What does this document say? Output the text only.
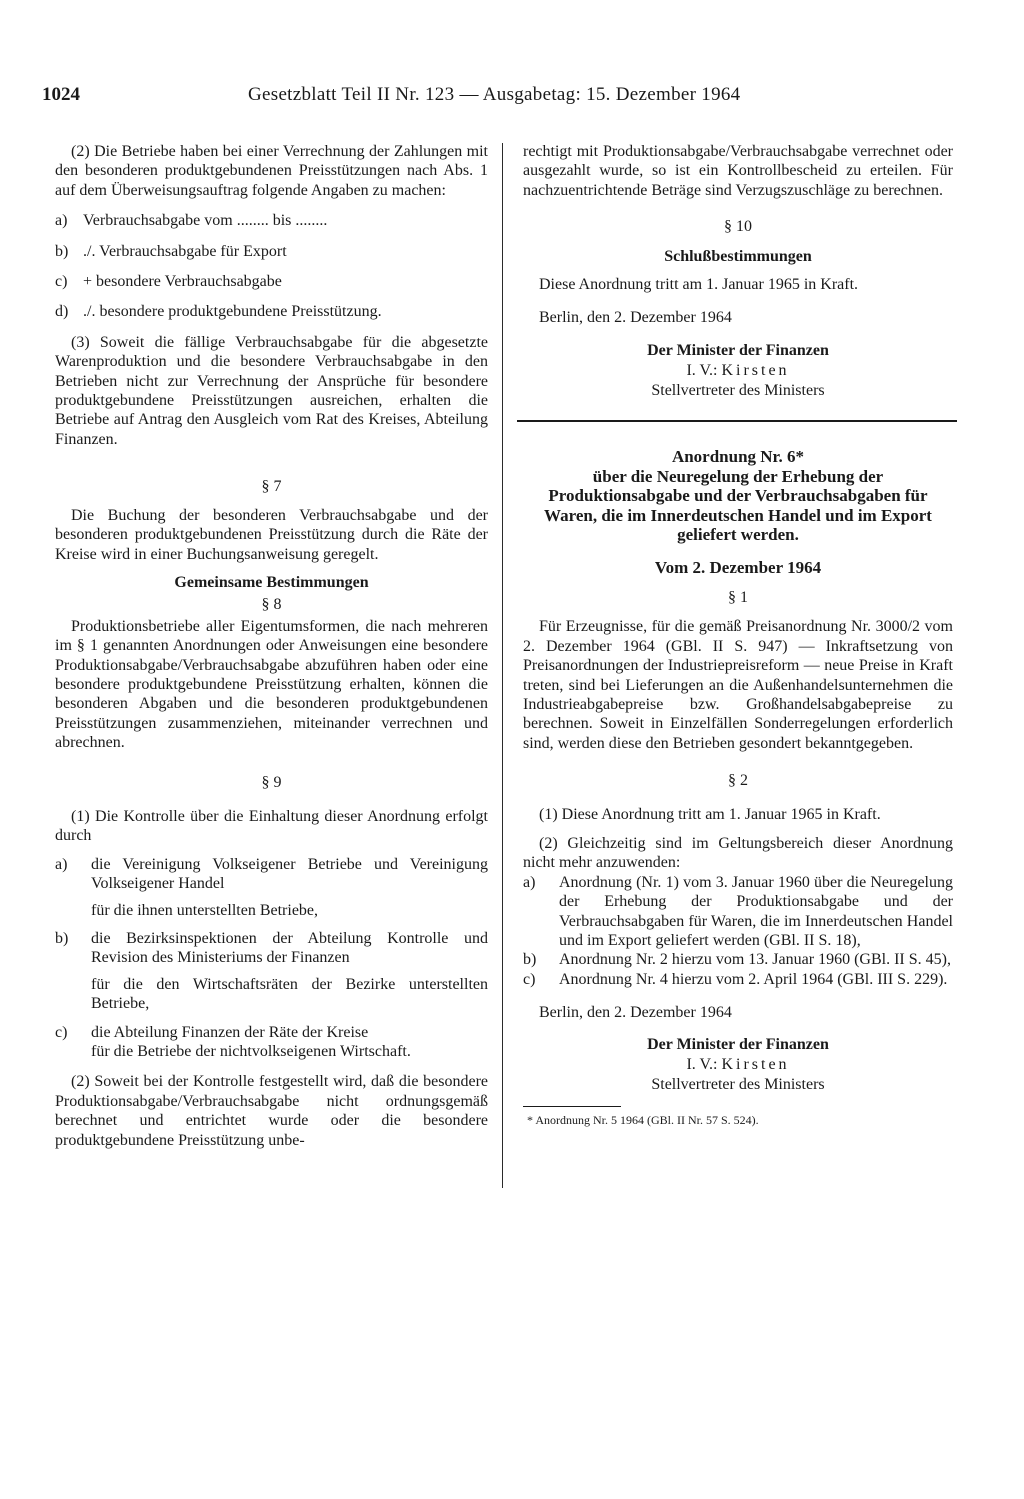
1024	Gesetzblatt Teil II Nr. 123 — Ausgabetag: 15. Dezember 1964

(2) Die Betriebe haben bei einer Verrechnung der Zahlungen mit den besonderen produktgebundenen Preisstützungen nach Abs. 1 auf dem Überweisungsauftrag folgende Angaben zu machen:

a) Verbrauchsabgabe vom ........ bis ........
b) ./. Verbrauchsabgabe für Export
c) + besondere Verbrauchsabgabe
d) ./. besondere produktgebundene Preisstützung.

(3) Soweit die fällige Verbrauchsabgabe für die abgesetzte Warenproduktion und die besondere Verbrauchsabgabe in den Betrieben nicht zur Verrechnung der Ansprüche für besondere produktgebundene Preisstützungen ausreichen, erhalten die Betriebe auf Antrag den Ausgleich vom Rat des Kreises, Abteilung Finanzen.

§ 7

Die Buchung der besonderen Verbrauchsabgabe und der besonderen produktgebundenen Preisstützung durch die Räte der Kreise wird in einer Buchungsanweisung geregelt.

Gemeinsame Bestimmungen

§ 8

Produktionsbetriebe aller Eigentumsformen, die nach mehreren im § 1 genannten Anordnungen oder Anweisungen eine besondere Produktionsabgabe/Verbrauchsabgabe abzuführen haben oder eine besondere produktgebundene Preisstützung erhalten, können die besonderen Abgaben und die besonderen produktgebundenen Preisstützungen zusammenziehen, miteinander verrechnen und abrechnen.

§ 9

(1) Die Kontrolle über die Einhaltung dieser Anordnung erfolgt durch

a)	die Vereinigung Volkseigener Betriebe und Vereinigung Volkseigener Handel
für die ihnen unterstellten Betriebe,
b)	die Bezirksinspektionen der Abteilung Kontrolle und Revision des Ministeriums der Finanzen
für die den Wirtschaftsräten der Bezirke unterstellten Betriebe,
c)	die Abteilung Finanzen der Räte der Kreise
für die Betriebe der nichtvolkseigenen Wirtschaft.

(2) Soweit bei der Kontrolle festgestellt wird, daß die besondere Produktionsabgabe/Verbrauchsabgabe nicht ordnungsgemäß berechnet und entrichtet wurde oder die besondere produktgebundene Preisstützung unbe-

rechtigt mit Produktionsabgabe/Verbrauchsabgabe verrechnet oder ausgezahlt wurde, so ist ein Kontrollbescheid zu erteilen. Für nachzuentrichtende Beträge sind Verzugszuschläge zu berechnen.

§ 10

Schlußbestimmungen

Diese Anordnung tritt am 1. Januar 1965 in Kraft.

Berlin, den 2. Dezember 1964

Der Minister der Finanzen

I. V.: Kirsten

Stellvertreter des Ministers

Anordnung Nr. 6*

über die Neuregelung der Erhebung der Produktionsabgabe und der Verbrauchsabgaben für Waren, die im Innerdeutschen Handel und im Export geliefert werden.

Vom 2. Dezember 1964

§ 1

Für Erzeugnisse, für die gemäß Preisanordnung Nr. 3000/2 vom 2. Dezember 1964 (GBl. II S. 947) — Inkraftsetzung von Preisanordnungen der Industriepreisreform — neue Preise in Kraft treten, sind bei Lieferungen an die Außenhandelsunternehmen die Industrieabgabepreise bzw. Großhandelsabgabepreise zu berechnen. Soweit in Einzelfällen Sonderregelungen erforderlich sind, werden diese den Betrieben gesondert bekanntgegeben.

§ 2

(1) Diese Anordnung tritt am 1. Januar 1965 in Kraft.

(2) Gleichzeitig sind im Geltungsbereich dieser Anordnung nicht mehr anzuwenden:

a)	Anordnung (Nr. 1) vom 3. Januar 1960 über die Neuregelung der Erhebung der Produktionsabgabe und der Verbrauchsabgaben für Waren, die im Innerdeutschen Handel und im Export geliefert werden (GBl. II S. 18),
b)	Anordnung Nr. 2 hierzu vom 13. Januar 1960 (GBl. II S. 45),
c)	Anordnung Nr. 4 hierzu vom 2. April 1964 (GBl. III S. 229).

Berlin, den 2. Dezember 1964

Der Minister der Finanzen

I. V.: Kirsten

Stellvertreter des Ministers

* Anordnung Nr. 5 1964 (GBl. II Nr. 57 S. 524).
